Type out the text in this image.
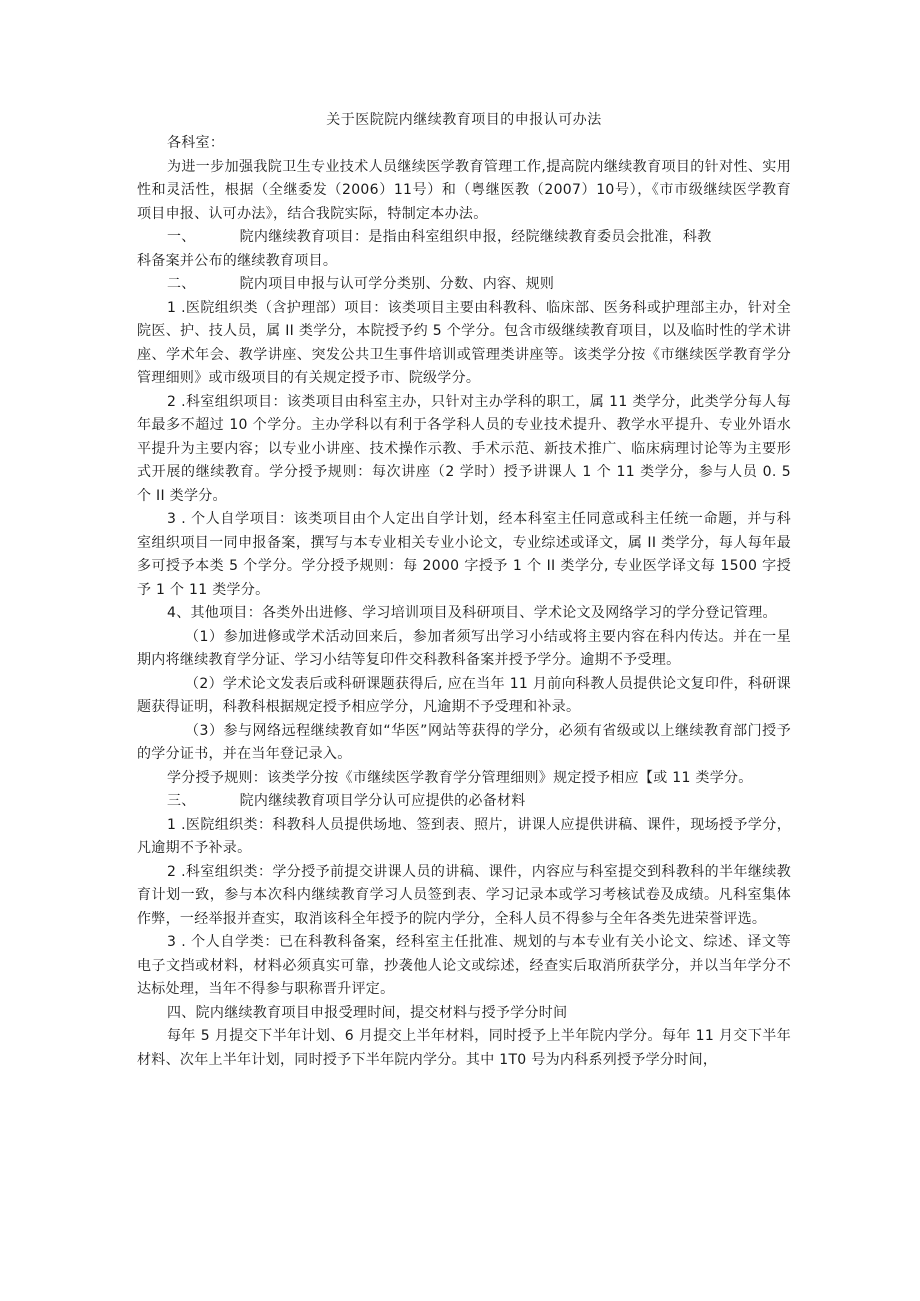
关于医院院内继续教育项目的申报认可办法

各科室：

为进一步加强我院卫生专业技术人员继续医学教育管理工作,提高院内继续教育项目的针对性、实用性和灵活性，根据（全继委发（2006）11号）和（粤继医教（2007）10号），《市市级继续医学教育项目申报、认可办法》，结合我院实际，特制定本办法。

一、	院内继续教育项目：是指由科室组织申报，经院继续教育委员会批准，科教

科备案并公布的继续教育项目。

二、	院内项目申报与认可学分类别、分数、内容、规则

1 .医院组织类（含护理部）项目：该类项目主要由科教科、临床部、医务科或护理部主办，针对全院医、护、技人员，属 II 类学分，本院授予约 5 个学分。包含市级继续教育项目，以及临时性的学术讲座、学术年会、教学讲座、突发公共卫生事件培训或管理类讲座等。该类学分按《市继续医学教育学分管理细则》或市级项目的有关规定授予市、院级学分。

2 .科室组织项目：该类项目由科室主办，只针对主办学科的职工，属 11 类学分，此类学分每人每年最多不超过 10 个学分。主办学科以有利于各学科人员的专业技术提升、教学水平提升、专业外语水平提升为主要内容；以专业小讲座、技术操作示教、手术示范、新技术推广、临床病理讨论等为主要形式开展的继续教育。学分授予规则：每次讲座（2 学时）授予讲课人 1 个 11 类学分，参与人员 0. 5 个 II 类学分。

3 . 个人自学项目：该类项目由个人定出自学计划，经本科室主任同意或科主任统一命题，并与科室组织项目一同申报备案，撰写与本专业相关专业小论文，专业综述或译文，属 II 类学分，每人每年最多可授予本类 5 个学分。学分授予规则：每 2000 字授予 1 个 II 类学分, 专业医学译文每 1500 字授予 1 个 11 类学分。

4、其他项目：各类外出进修、学习培训项目及科研项目、学术论文及网络学习的学分登记管理。

（1）参加进修或学术活动回来后，参加者须写出学习小结或将主要内容在科内传达。并在一星期内将继续教育学分证、学习小结等复印件交科教科备案并授予学分。逾期不予受理。

（2）学术论文发表后或科研课题获得后, 应在当年 11 月前向科教人员提供论文复印件，科研课题获得证明，科教科根据规定授予相应学分，凡逾期不予受理和补录。

（3）参与网络远程继续教育如“华医”网站等获得的学分，必须有省级或以上继续教育部门授予的学分证书，并在当年登记录入。

学分授予规则：该类学分按《市继续医学教育学分管理细则》规定授予相应【或 11 类学分。

三、	院内继续教育项目学分认可应提供的必备材料

1 .医院组织类：科教科人员提供场地、签到表、照片，讲课人应提供讲稿、课件，现场授予学分，凡逾期不予补录。

2 .科室组织类：学分授予前提交讲课人员的讲稿、课件，内容应与科室提交到科教科的半年继续教育计划一致，参与本次科内继续教育学习人员签到表、学习记录本或学习考核试卷及成绩。凡科室集体作弊，一经举报并查实，取消该科全年授予的院内学分，全科人员不得参与全年各类先进荣誉评选。

3 . 个人自学类：已在科教科备案，经科室主任批准、规划的与本专业有关小论文、综述、译文等电子文挡或材料，材料必须真实可靠，抄袭他人论文或综述，经查实后取消所获学分，并以当年学分不达标处理，当年不得参与职称晋升评定。

四、院内继续教育项目申报受理时间，提交材料与授予学分时间

每年 5 月提交下半年计划、6 月提交上半年材料，同时授予上半年院内学分。每年 11 月交下半年材料、次年上半年计划，同时授予下半年院内学分。其中 1T0 号为内科系列授予学分时间，
